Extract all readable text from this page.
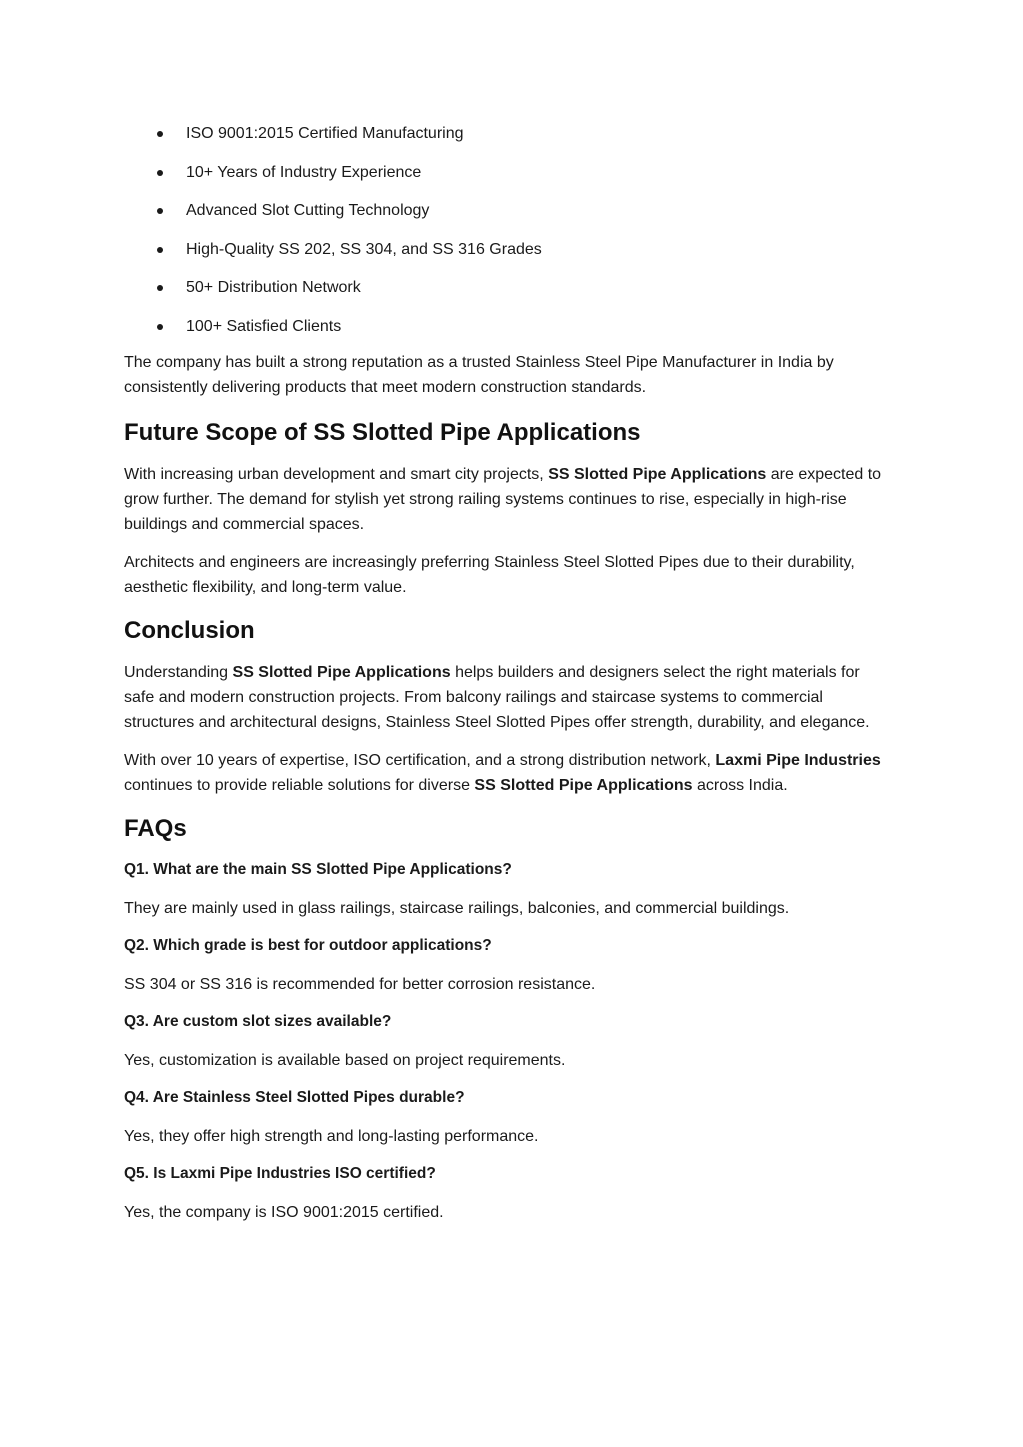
ISO 9001:2015 Certified Manufacturing
10+ Years of Industry Experience
Advanced Slot Cutting Technology
High-Quality SS 202, SS 304, and SS 316 Grades
50+ Distribution Network
100+ Satisfied Clients

The company has built a strong reputation as a trusted Stainless Steel Pipe Manufacturer in India by consistently delivering products that meet modern construction standards.

Future Scope of SS Slotted Pipe Applications

With increasing urban development and smart city projects, SS Slotted Pipe Applications are expected to grow further. The demand for stylish yet strong railing systems continues to rise, especially in high-rise buildings and commercial spaces.

Architects and engineers are increasingly preferring Stainless Steel Slotted Pipes due to their durability, aesthetic flexibility, and long-term value.

Conclusion

Understanding SS Slotted Pipe Applications helps builders and designers select the right materials for safe and modern construction projects. From balcony railings and staircase systems to commercial structures and architectural designs, Stainless Steel Slotted Pipes offer strength, durability, and elegance.

With over 10 years of expertise, ISO certification, and a strong distribution network, Laxmi Pipe Industries continues to provide reliable solutions for diverse SS Slotted Pipe Applications across India.

FAQs

Q1. What are the main SS Slotted Pipe Applications?

They are mainly used in glass railings, staircase railings, balconies, and commercial buildings.

Q2. Which grade is best for outdoor applications?

SS 304 or SS 316 is recommended for better corrosion resistance.

Q3. Are custom slot sizes available?

Yes, customization is available based on project requirements.

Q4. Are Stainless Steel Slotted Pipes durable?

Yes, they offer high strength and long-lasting performance.

Q5. Is Laxmi Pipe Industries ISO certified?

Yes, the company is ISO 9001:2015 certified.
